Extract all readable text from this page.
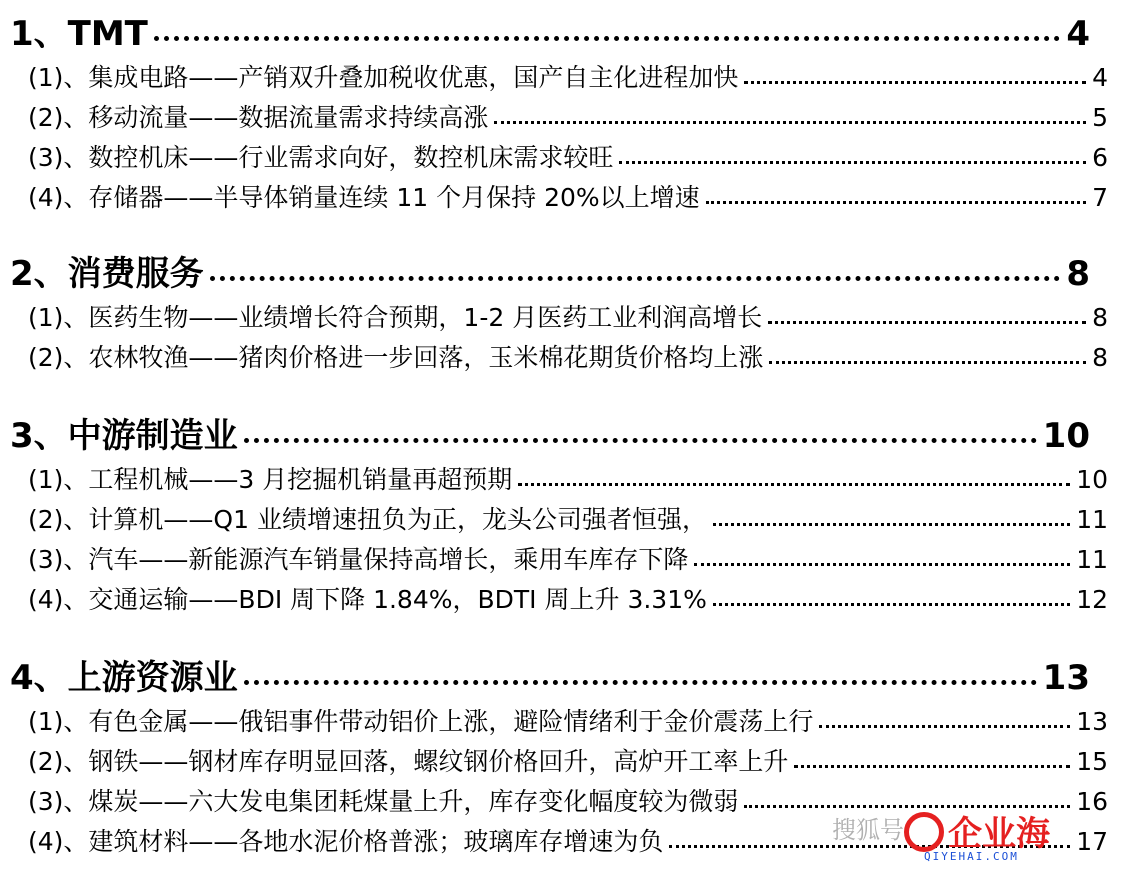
1、TMT	4
(1)、集成电路——产销双升叠加税收优惠，国产自主化进程加快	4
(2)、移动流量——数据流量需求持续高涨	5
(3)、数控机床——行业需求向好，数控机床需求较旺	6
(4)、存储器——半导体销量连续 11 个月保持 20%以上增速	7
2、消费服务	8
(1)、医药生物——业绩增长符合预期，1-2 月医药工业利润高增长	8
(2)、农林牧渔——猪肉价格进一步回落，玉米棉花期货价格均上涨	8
3、中游制造业	10
(1)、工程机械——3 月挖掘机销量再超预期	10
(2)、计算机——Q1 业绩增速扭负为正，龙头公司强者恒强，	11
(3)、汽车——新能源汽车销量保持高增长，乘用车库存下降	11
(4)、交通运输——BDI 周下降 1.84%，BDTI 周上升 3.31%	12
4、上游资源业	13
(1)、有色金属——俄铝事件带动铝价上涨，避险情绪利于金价震荡上行	13
(2)、钢铁——钢材库存明显回落，螺纹钢价格回升，高炉开工率上升	15
(3)、煤炭——六大发电集团耗煤量上升，库存变化幅度较为微弱	16
(4)、建筑材料——各地水泥价格普涨；玻璃库存增速为负	17
搜狐号 企业海
QIYEHAI.COM
